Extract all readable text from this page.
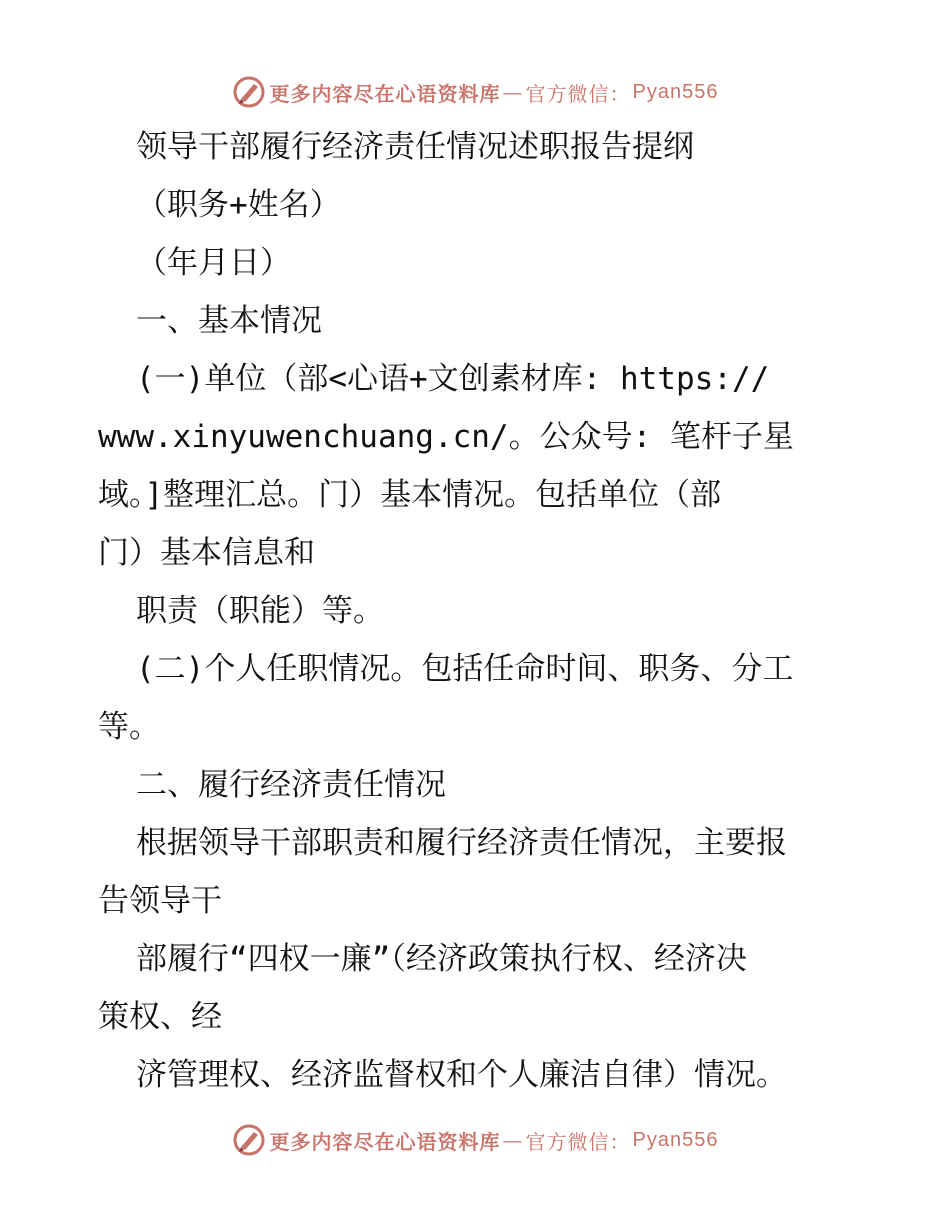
更多内容尽在心语资料库 — 官方微信： Pyan556
领导干部履行经济责任情况述职报告提纲
（职务+姓名）
（年月日）
一、基本情况
(一)单位（部<心语+文创素材库: https://
www.xinyuwenchuang.cn/。公众号: 笔杆子星
域。]整理汇总。门）基本情况。包括单位（部
门）基本信息和
职责（职能）等。
(二)个人任职情况。包括任命时间、职务、分工
等。
二、履行经济责任情况
根据领导干部职责和履行经济责任情况，主要报
告领导干
部履行“四权一廉”（经济政策执行权、经济决
策权、经
济管理权、经济监督权和个人廉洁自律）情况。
更多内容尽在心语资料库 — 官方微信： Pyan556
